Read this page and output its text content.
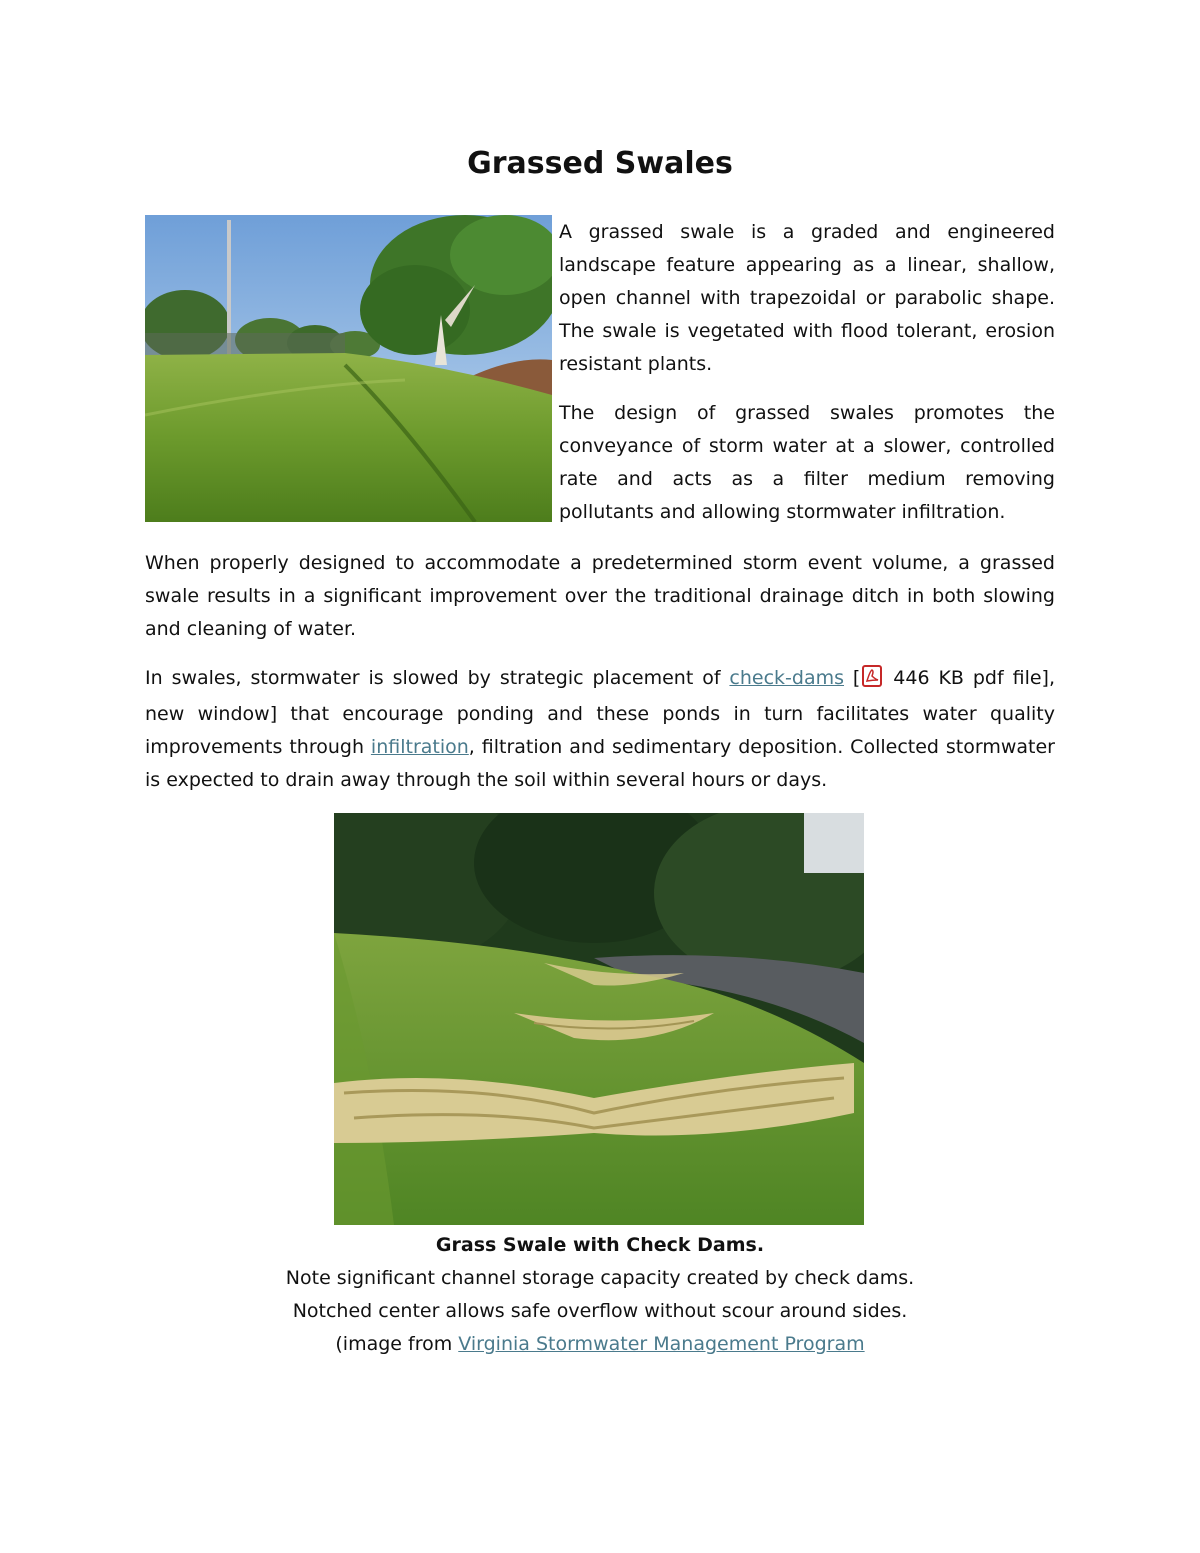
Grassed Swales

A grassed swale is a graded and engineered landscape feature appearing as a linear, shallow, open channel with trapezoidal or parabolic shape. The swale is vegetated with flood tolerant, erosion resistant plants.

The design of grassed swales promotes the conveyance of storm water at a slower, controlled rate and acts as a filter medium removing pollutants and allowing stormwater infiltration.

When properly designed to accommodate a predetermined storm event volume, a grassed swale results in a significant improvement over the traditional drainage ditch in both slowing and cleaning of water.

In swales, stormwater is slowed by strategic placement of check-dams [ 446 KB pdf file], new window] that encourage ponding and these ponds in turn facilitates water quality improvements through infiltration, filtration and sedimentary deposition. Collected stormwater is expected to drain away through the soil within several hours or days.

Grass Swale with Check Dams.
Note significant channel storage capacity created by check dams.
Notched center allows safe overflow without scour around sides.
(image from Virginia Stormwater Management Program
